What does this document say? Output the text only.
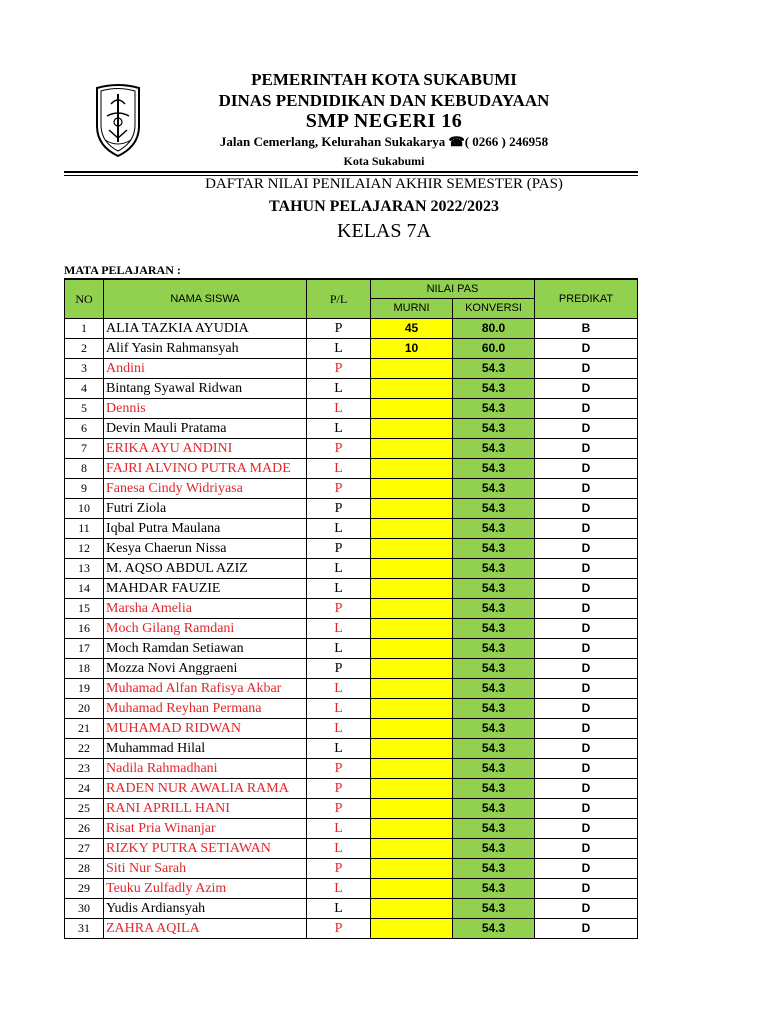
PEMERINTAH KOTA SUKABUMI
DINAS PENDIDIKAN DAN KEBUDAYAAN
SMP NEGERI 16
Jalan Cemerlang, Kelurahan Sukakarya ☎( 0266 ) 246958
Kota Sukabumi
DAFTAR NILAI PENILAIAN AKHIR SEMESTER (PAS)
TAHUN PELAJARAN 2022/2023
KELAS 7A
MATA PELAJARAN :
NO	NAMA SISWA	P/L	NILAI PAS		PREDIKAT
			MURNI	KONVERSI	
1	ALIA TAZKIA AYUDIA	P	45	80.0	B
2	Alif Yasin Rahmansyah	L	10	60.0	D
3	Andini	P		54.3	D
4	Bintang Syawal Ridwan	L		54.3	D
5	Dennis	L		54.3	D
6	Devin Mauli Pratama	L		54.3	D
7	ERIKA AYU ANDINI	P		54.3	D
8	FAJRI ALVINO PUTRA MADE	L		54.3	D
9	Fanesa Cindy Widriyasa	P		54.3	D
10	Futri Ziola	P		54.3	D
11	Iqbal Putra Maulana	L		54.3	D
12	Kesya Chaerun Nissa	P		54.3	D
13	M. AQSO ABDUL AZIZ	L		54.3	D
14	MAHDAR FAUZIE	L		54.3	D
15	Marsha Amelia	P		54.3	D
16	Moch Gilang Ramdani	L		54.3	D
17	Moch Ramdan Setiawan	L		54.3	D
18	Mozza Novi Anggraeni	P		54.3	D
19	Muhamad Alfan Rafisya Akbar	L		54.3	D
20	Muhamad Reyhan Permana	L		54.3	D
21	MUHAMAD RIDWAN	L		54.3	D
22	Muhammad Hilal	L		54.3	D
23	Nadila Rahmadhani	P		54.3	D
24	RADEN NUR AWALIA RAMA	P		54.3	D
25	RANI APRILL HANI	P		54.3	D
26	Risat Pria Winanjar	L		54.3	D
27	RIZKY PUTRA SETIAWAN	L		54.3	D
28	Siti Nur Sarah	P		54.3	D
29	Teuku Zulfadly Azim	L		54.3	D
30	Yudis Ardiansyah	L		54.3	D
31	ZAHRA AQILA	P		54.3	D
